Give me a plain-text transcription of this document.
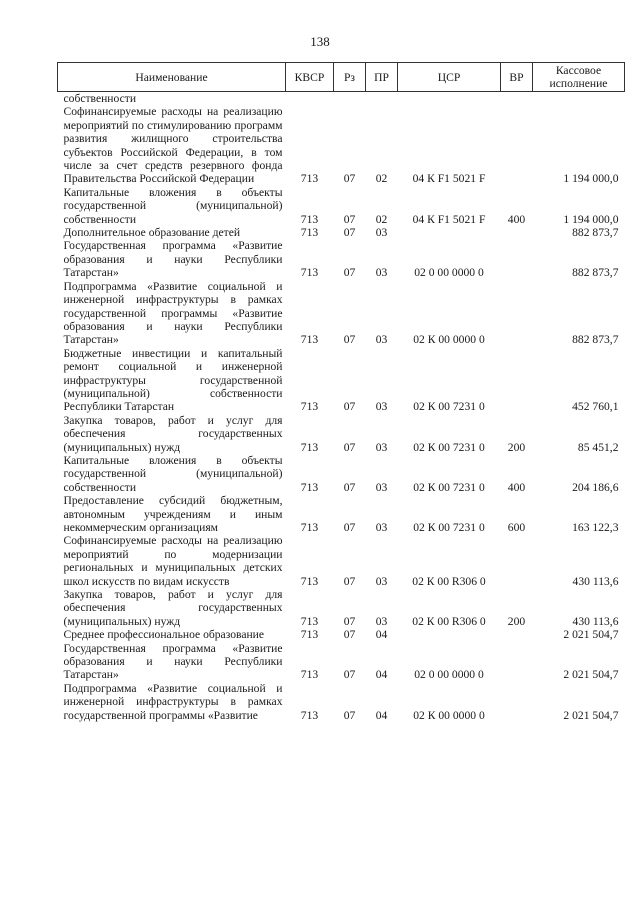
138
Наименование	КВСР	Рз	ПР	ЦСР	ВР	Кассовое исполнение
собственности						
Софинансируемые расходы на реализацию мероприятий по стимулированию программ развития жилищного строительства субъектов Российской Федерации, в том числе за счет средств резервного фонда Правительства Российской Федерации	713	07	02	04 К F1 5021 F		1 194 000,0
Капитальные вложения в объекты государственной (муниципальной) собственности	713	07	02	04 К F1 5021 F	400	1 194 000,0
Дополнительное образование детей	713	07	03			882 873,7
Государственная программа «Развитие образования и науки Республики Татарстан»	713	07	03	02 0 00 0000 0		882 873,7
Подпрограмма «Развитие социальной и инженерной инфраструктуры в рамках государственной программы «Развитие образования и науки Республики Татарстан»	713	07	03	02 К 00 0000 0		882 873,7
Бюджетные инвестиции и капитальный ремонт социальной и инженерной инфраструктуры государственной (муниципальной) собственности Республики Татарстан	713	07	03	02 К 00 7231 0		452 760,1
Закупка товаров, работ и услуг для обеспечения государственных (муниципальных) нужд	713	07	03	02 К 00 7231 0	200	85 451,2
Капитальные вложения в объекты государственной (муниципальной) собственности	713	07	03	02 К 00 7231 0	400	204 186,6
Предоставление субсидий бюджетным, автономным учреждениям и иным некоммерческим организациям	713	07	03	02 К 00 7231 0	600	163 122,3
Софинансируемые расходы на реализацию мероприятий по модернизации региональных и муниципальных детских школ искусств по видам искусств	713	07	03	02 К 00 R306 0		430 113,6
Закупка товаров, работ и услуг для обеспечения государственных (муниципальных) нужд	713	07	03	02 К 00 R306 0	200	430 113,6
Среднее профессиональное образование	713	07	04			2 021 504,7
Государственная программа «Развитие образования и науки Республики Татарстан»	713	07	04	02 0 00 0000 0		2 021 504,7
Подпрограмма «Развитие социальной и инженерной инфраструктуры в рамках государственной программы «Развитие	713	07	04	02 К 00 0000 0		2 021 504,7
